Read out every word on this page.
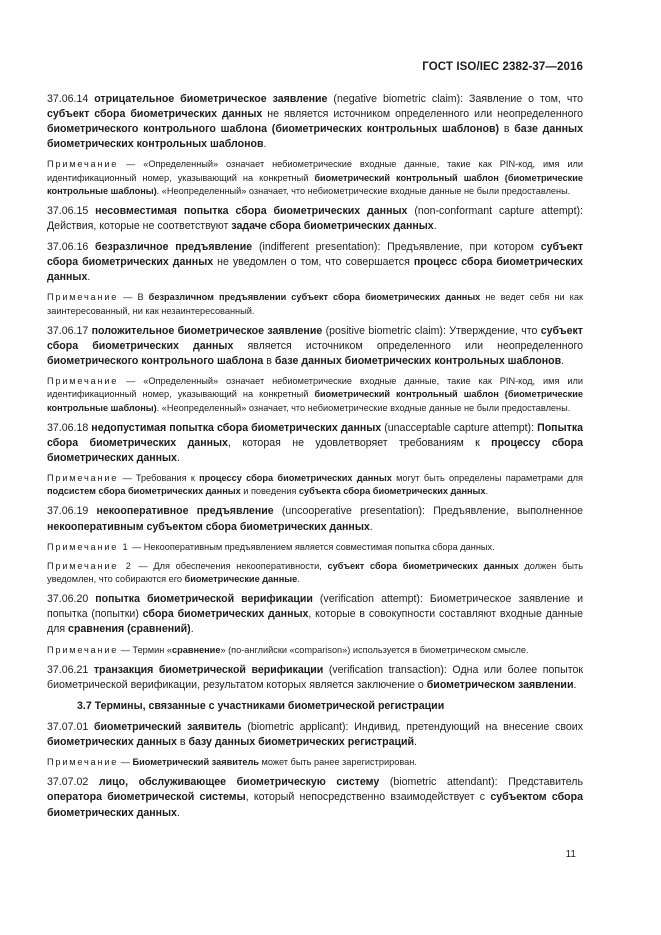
ГОСТ ISO/IEC 2382-37—2016

37.06.14 отрицательное биометрическое заявление (negative biometric claim): Заявление о том, что субъект сбора биометрических данных не является источником определенного или неопределенного биометрического контрольного шаблона (биометрических контрольных шаблонов) в базе данных биометрических контрольных шаблонов.

Примечание — «Определенный» означает небиометрические входные данные, такие как PIN-код, имя или идентификационный номер, указывающий на конкретный биометрический контрольный шаблон (биометрические контрольные шаблоны). «Неопределенный» означает, что небиометрические входные данные не были предоставлены.

37.06.15 несовместимая попытка сбора биометрических данных (non-conformant capture attempt): Действия, которые не соответствуют задаче сбора биометрических данных.

37.06.16 безразличное предъявление (indifferent presentation): Предъявление, при котором субъект сбора биометрических данных не уведомлен о том, что совершается процесс сбора биометрических данных.

Примечание — В безразличном предъявлении субъект сбора биометрических данных не ведет себя ни как заинтересованный, ни как незаинтересованный.

37.06.17 положительное биометрическое заявление (positive biometric claim): Утверждение, что субъект сбора биометрических данных является источником определенного или неопределенного биометрического контрольного шаблона в базе данных биометрических контрольных шаблонов.

Примечание — «Определенный» означает небиометрические входные данные, такие как PIN-код, имя или идентификационный номер, указывающий на конкретный биометрический контрольный шаблон (биометрические контрольные шаблоны). «Неопределенный» означает, что небиометрические входные данные не были предоставлены.

37.06.18 недопустимая попытка сбора биометрических данных (unacceptable capture attempt): Попытка сбора биометрических данных, которая не удовлетворяет требованиям к процессу сбора биометрических данных.

Примечание — Требования к процессу сбора биометрических данных могут быть определены параметрами для подсистем сбора биометрических данных и поведения субъекта сбора биометрических данных.

37.06.19 некооперативное предъявление (uncooperative presentation): Предъявление, выполненное некооперативным субъектом сбора биометрических данных.

Примечание 1 — Некооперативным предъявлением является совместимая попытка сбора данных.

Примечание 2 — Для обеспечения некооперативности, субъект сбора биометрических данных должен быть уведомлен, что собираются его биометрические данные.

37.06.20 попытка биометрической верификации (verification attempt): Биометрическое заявление и попытка (попытки) сбора биометрических данных, которые в совокупности составляют входные данные для сравнения (сравнений).

Примечание — Термин «сравнение» (по-английски «comparison») используется в биометрическом смысле.

37.06.21 транзакция биометрической верификации (verification transaction): Одна или более попыток биометрической верификации, результатом которых является заключение о биометрическом заявлении.

3.7 Термины, связанные с участниками биометрической регистрации

37.07.01 биометрический заявитель (biometric applicant): Индивид, претендующий на внесение своих биометрических данных в базу данных биометрических регистраций.

Примечание — Биометрический заявитель может быть ранее зарегистрирован.

37.07.02 лицо, обслуживающее биометрическую систему (biometric attendant): Представитель оператора биометрической системы, который непосредственно взаимодействует с субъектом сбора биометрических данных.

11
